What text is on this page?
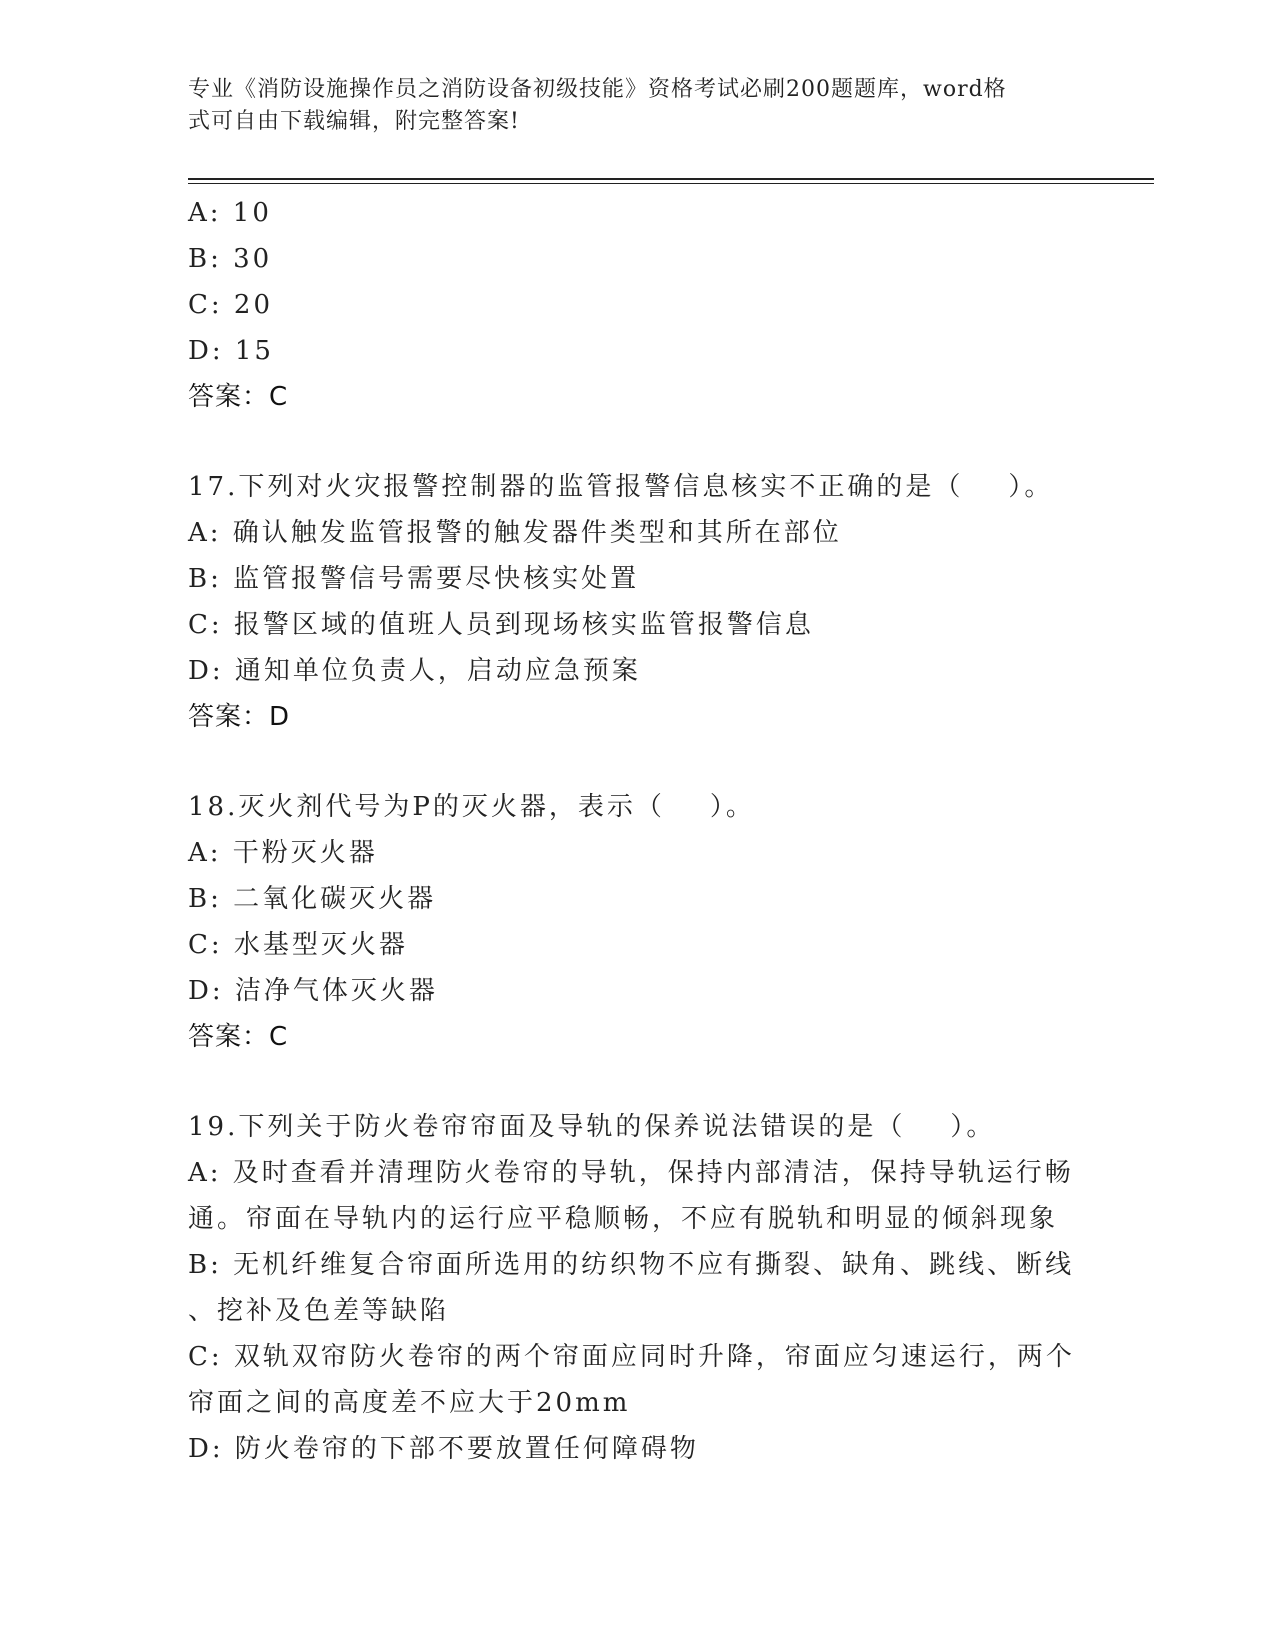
专业《消防设施操作员之消防设备初级技能》资格考试必刷200题题库，word格
式可自由下载编辑，附完整答案!
A: 10
B: 30
C: 20
D: 15
答案：C
17.下列对火灾报警控制器的监管报警信息核实不正确的是（    ）。
A: 确认触发监管报警的触发器件类型和其所在部位
B: 监管报警信号需要尽快核实处置
C: 报警区域的值班人员到现场核实监管报警信息
D: 通知单位负责人，启动应急预案
答案：D
18.灭火剂代号为P的灭火器，表示（    ）。
A: 干粉灭火器
B: 二氧化碳灭火器
C: 水基型灭火器
D: 洁净气体灭火器
答案：C
19.下列关于防火卷帘帘面及导轨的保养说法错误的是（    ）。
A: 及时查看并清理防火卷帘的导轨，保持内部清洁，保持导轨运行畅
通。帘面在导轨内的运行应平稳顺畅，不应有脱轨和明显的倾斜现象
B: 无机纤维复合帘面所选用的纺织物不应有撕裂、缺角、跳线、断线
、挖补及色差等缺陷
C: 双轨双帘防火卷帘的两个帘面应同时升降，帘面应匀速运行，两个
帘面之间的高度差不应大于20mm
D: 防火卷帘的下部不要放置任何障碍物
